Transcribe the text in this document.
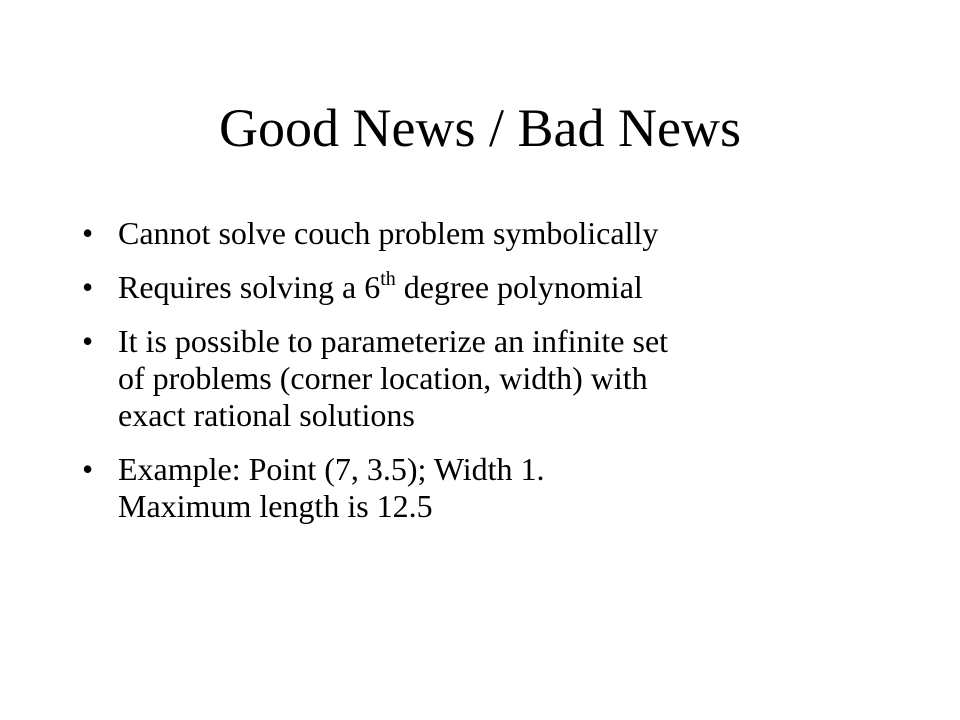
Good News / Bad News
• Cannot solve couch problem symbolically
• Requires solving a 6th degree polynomial
• It is possible to parameterize an infinite set
of problems (corner location, width) with
exact rational solutions
• Example: Point (7, 3.5); Width 1.
Maximum length is 12.5
